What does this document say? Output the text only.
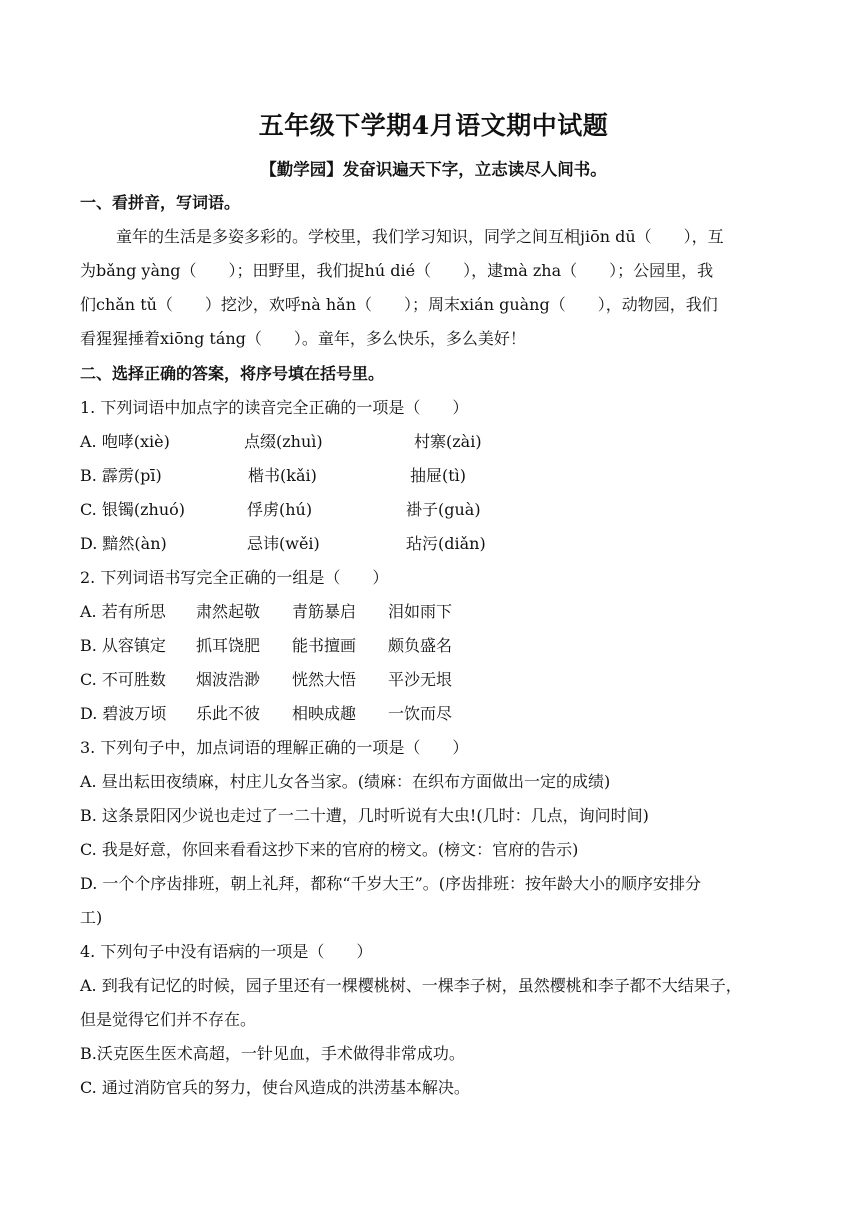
五年级下学期4月语文期中试题
【勤学园】发奋识遍天下字，立志读尽人间书。
一、看拼音，写词语。
童年的生活是多姿多彩的。学校里，我们学习知识，同学之间互相jiōn dū（　　），互
为bǎng yàng（　　）；田野里，我们捉hú dié（　　），逮mà zha（　　）；公园里，我
们chǎn tǔ（　　）挖沙，欢呼nà hǎn（　　）；周末xián guàng（　　），动物园，我们
看猩猩捶着xiōng táng（　　）。童年，多么快乐，多么美好！
二、选择正确的答案，将序号填在括号里。
1. 下列词语中加点字的读音完全正确的一项是（　　）
A. 咆哮(xiè)	点缀(zhuì)	村寨(zài)
B. 霹雳(pī)	楷书(kǎi)	抽屉(tì)
C. 银镯(zhuó)	俘虏(hú)	褂子(guà)
D. 黯然(àn)	忌讳(wěi)	玷污(diǎn)
2. 下列词语书写完全正确的一组是（　　）
A. 若有所思 肃然起敬 青筋暴启 泪如雨下
B. 从容镇定 抓耳饶肥 能书擅画 颇负盛名
C. 不可胜数 烟波浩渺 恍然大悟 平沙无垠
D. 碧波万顷 乐此不彼 相映成趣 一饮而尽
3. 下列句子中，加点词语的理解正确的一项是（　　）
A. 昼出耘田夜绩麻，村庄儿女各当家。(绩麻：在织布方面做出一定的成绩)
B. 这条景阳冈少说也走过了一二十遭，几时听说有大虫!(几时：几点，询问时间)
C. 我是好意，你回来看看这抄下来的官府的榜文。(榜文：官府的告示)
D. 一个个序齿排班，朝上礼拜，都称“千岁大王”。(序齿排班：按年龄大小的顺序安排分
工)
4. 下列句子中没有语病的一项是（　　）
A. 到我有记忆的时候，园子里还有一棵樱桃树、一棵李子树，虽然樱桃和李子都不大结果子，
但是觉得它们并不存在。
B.沃克医生医术高超，一针见血，手术做得非常成功。
C. 通过消防官兵的努力，使台风造成的洪涝基本解决。
